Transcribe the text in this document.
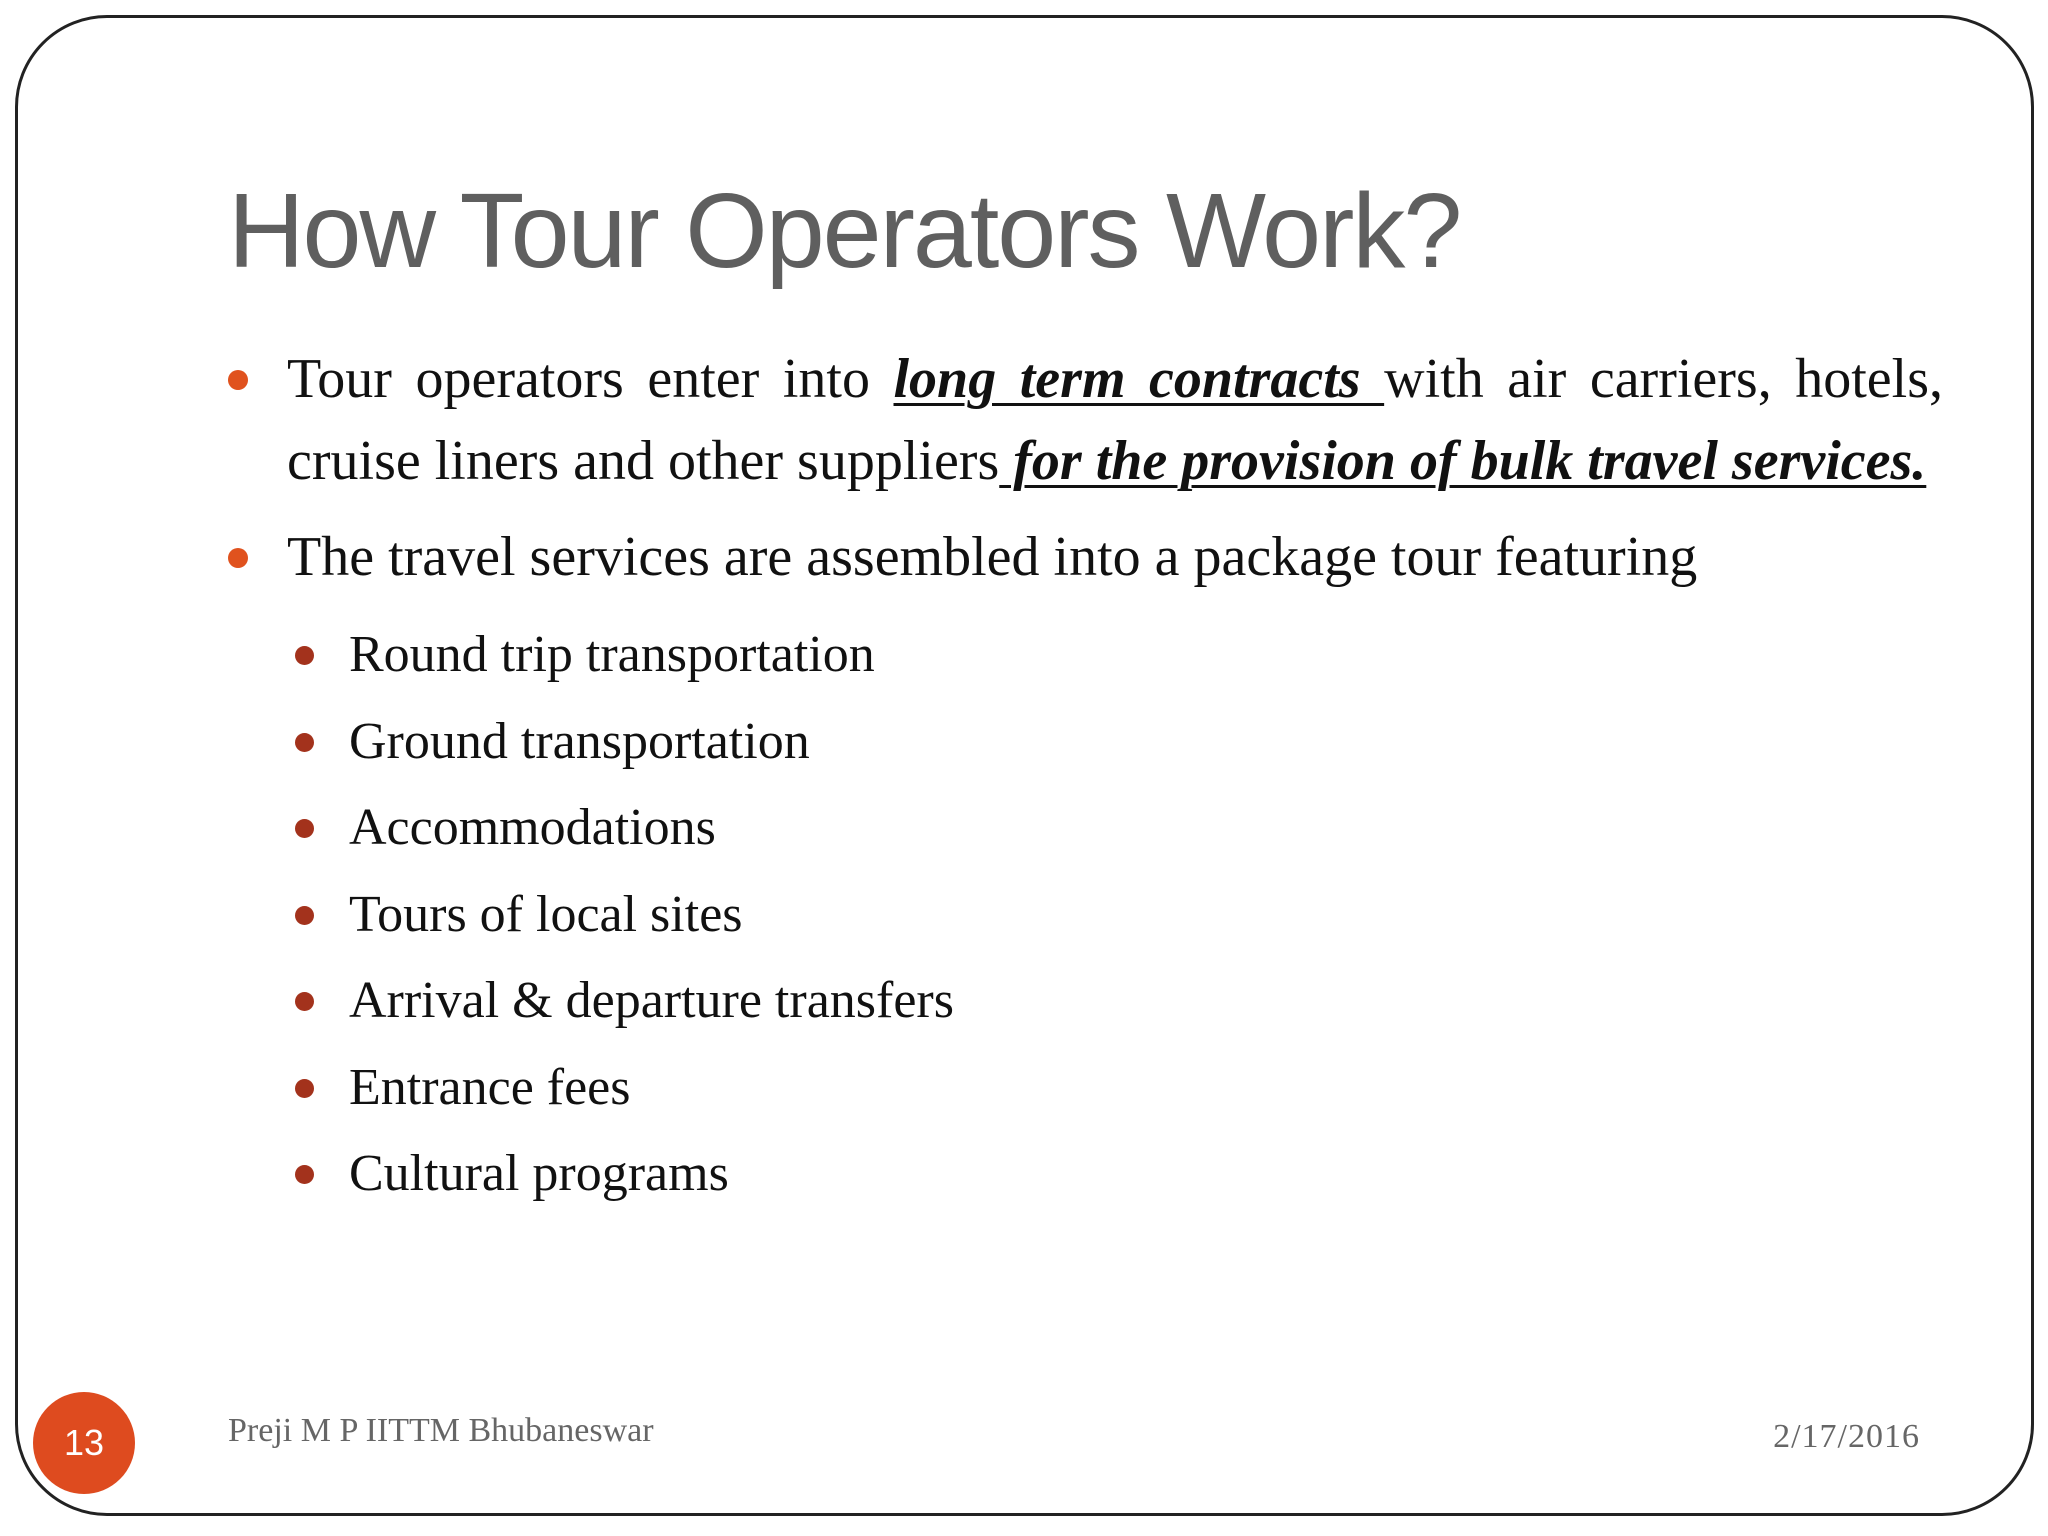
How Tour Operators Work?
Tour operators enter into long term contracts with air carriers, hotels, cruise liners and other suppliers for the provision of bulk travel services.
The travel services are assembled into a package tour featuring
Round trip transportation
Ground transportation
Accommodations
Tours of local sites
Arrival & departure transfers
Entrance fees
Cultural programs
13	Preji M P IITTM Bhubaneswar	2/17/2016
